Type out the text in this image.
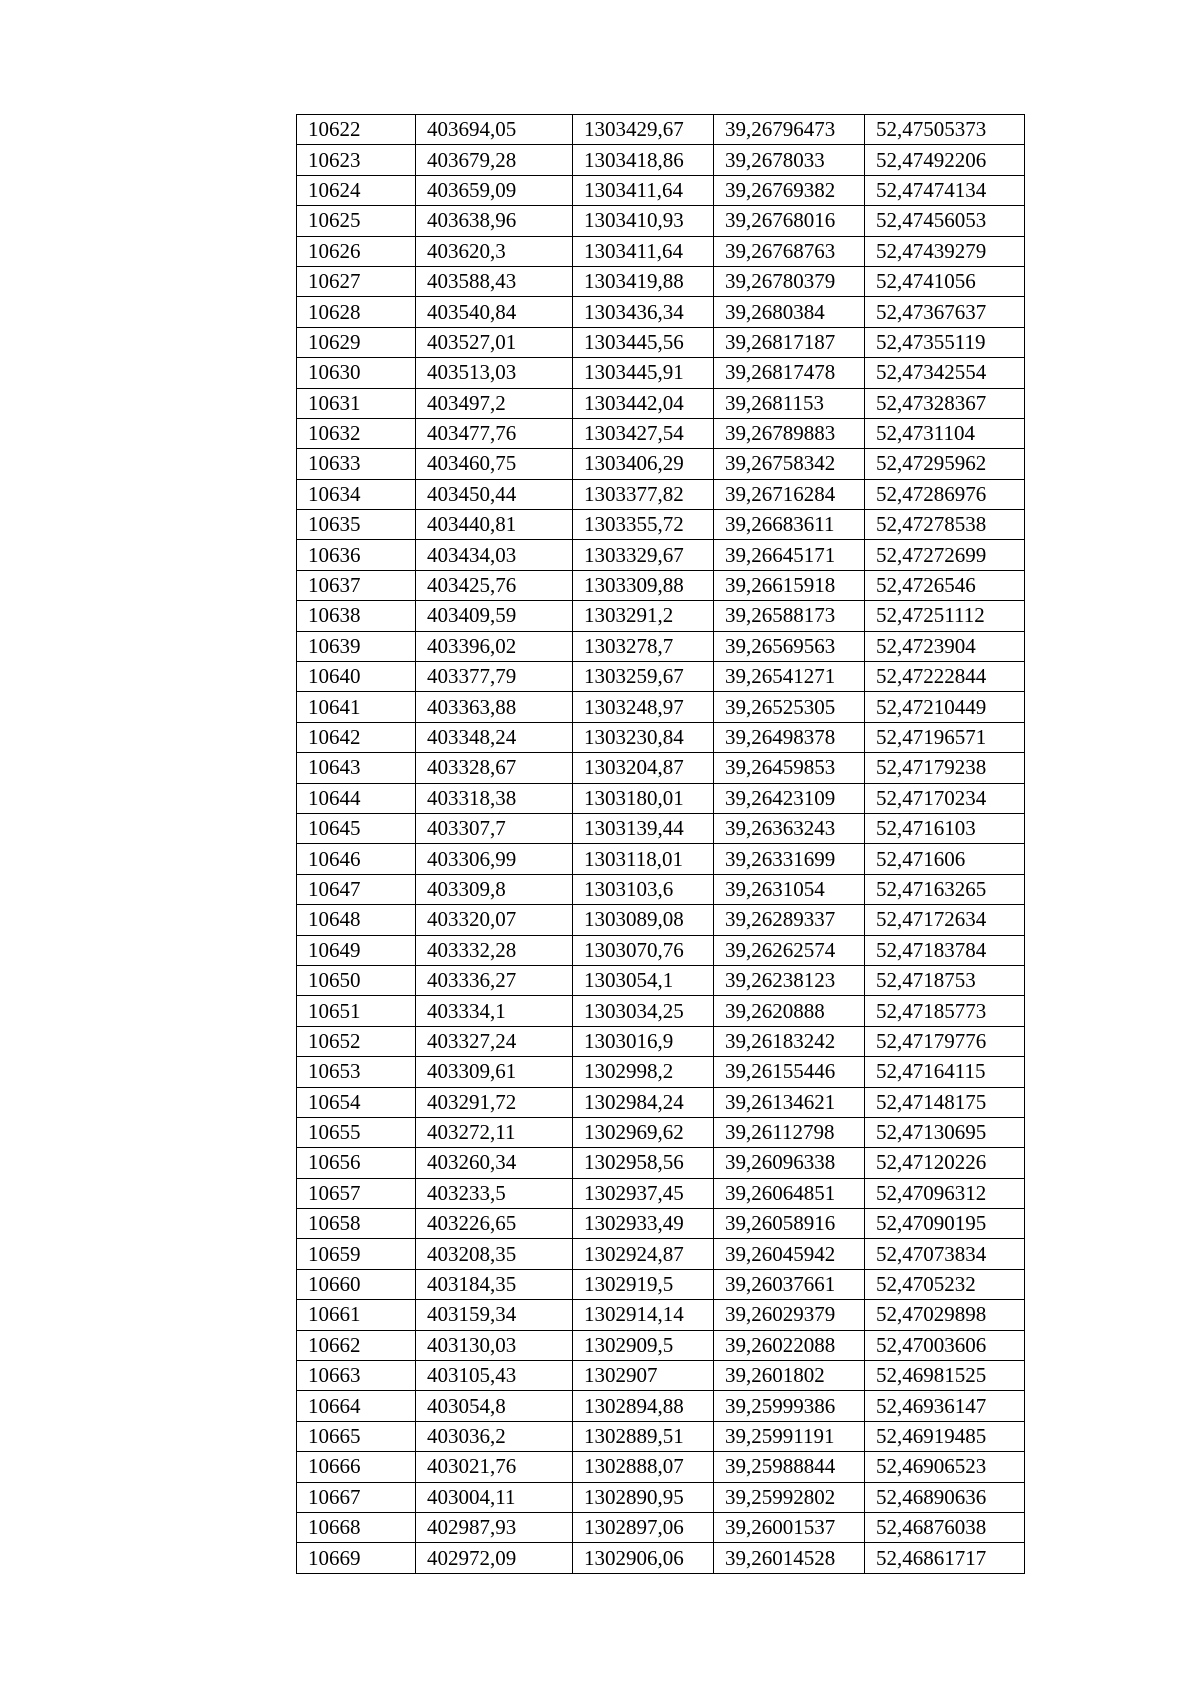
10622	403694,05	1303429,67	39,26796473	52,47505373
10623	403679,28	1303418,86	39,2678033	52,47492206
10624	403659,09	1303411,64	39,26769382	52,47474134
10625	403638,96	1303410,93	39,26768016	52,47456053
10626	403620,3	1303411,64	39,26768763	52,47439279
10627	403588,43	1303419,88	39,26780379	52,4741056
10628	403540,84	1303436,34	39,2680384	52,47367637
10629	403527,01	1303445,56	39,26817187	52,47355119
10630	403513,03	1303445,91	39,26817478	52,47342554
10631	403497,2	1303442,04	39,2681153	52,47328367
10632	403477,76	1303427,54	39,26789883	52,4731104
10633	403460,75	1303406,29	39,26758342	52,47295962
10634	403450,44	1303377,82	39,26716284	52,47286976
10635	403440,81	1303355,72	39,26683611	52,47278538
10636	403434,03	1303329,67	39,26645171	52,47272699
10637	403425,76	1303309,88	39,26615918	52,4726546
10638	403409,59	1303291,2	39,26588173	52,47251112
10639	403396,02	1303278,7	39,26569563	52,4723904
10640	403377,79	1303259,67	39,26541271	52,47222844
10641	403363,88	1303248,97	39,26525305	52,47210449
10642	403348,24	1303230,84	39,26498378	52,47196571
10643	403328,67	1303204,87	39,26459853	52,47179238
10644	403318,38	1303180,01	39,26423109	52,47170234
10645	403307,7	1303139,44	39,26363243	52,4716103
10646	403306,99	1303118,01	39,26331699	52,471606
10647	403309,8	1303103,6	39,2631054	52,47163265
10648	403320,07	1303089,08	39,26289337	52,47172634
10649	403332,28	1303070,76	39,26262574	52,47183784
10650	403336,27	1303054,1	39,26238123	52,4718753
10651	403334,1	1303034,25	39,2620888	52,47185773
10652	403327,24	1303016,9	39,26183242	52,47179776
10653	403309,61	1302998,2	39,26155446	52,47164115
10654	403291,72	1302984,24	39,26134621	52,47148175
10655	403272,11	1302969,62	39,26112798	52,47130695
10656	403260,34	1302958,56	39,26096338	52,47120226
10657	403233,5	1302937,45	39,26064851	52,47096312
10658	403226,65	1302933,49	39,26058916	52,47090195
10659	403208,35	1302924,87	39,26045942	52,47073834
10660	403184,35	1302919,5	39,26037661	52,4705232
10661	403159,34	1302914,14	39,26029379	52,47029898
10662	403130,03	1302909,5	39,26022088	52,47003606
10663	403105,43	1302907	39,2601802	52,46981525
10664	403054,8	1302894,88	39,25999386	52,46936147
10665	403036,2	1302889,51	39,25991191	52,46919485
10666	403021,76	1302888,07	39,25988844	52,46906523
10667	403004,11	1302890,95	39,25992802	52,46890636
10668	402987,93	1302897,06	39,26001537	52,46876038
10669	402972,09	1302906,06	39,26014528	52,46861717
